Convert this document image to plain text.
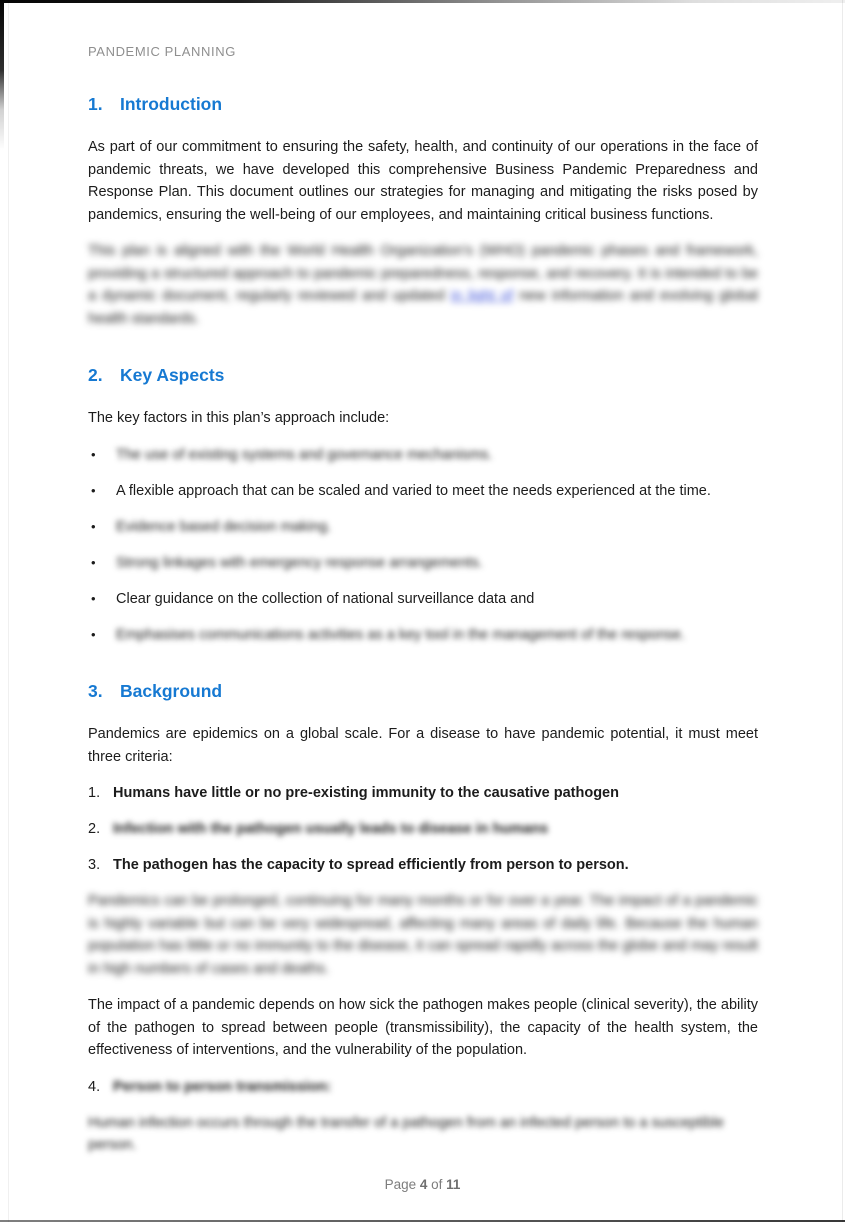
PANDEMIC PLANNING
1. Introduction

As part of our commitment to ensuring the safety, health, and continuity of our operations in the face of pandemic threats, we have developed this comprehensive Business Pandemic Preparedness and Response Plan. This document outlines our strategies for managing and mitigating the risks posed by pandemics, ensuring the well-being of our employees, and maintaining critical business functions.

This plan is aligned with the World Health Organization’s (WHO) pandemic phases and framework, providing a structured approach to pandemic preparedness, response, and recovery. It is intended to be a dynamic document, regularly reviewed and updated in light of new information and evolving global health standards.

2. Key Aspects

The key factors in this plan’s approach include:

•	The use of existing systems and governance mechanisms.
•	A flexible approach that can be scaled and varied to meet the needs experienced at the time.
•	Evidence based decision making.
•	Strong linkages with emergency response arrangements.
•	Clear guidance on the collection of national surveillance data and
•	Emphasises communications activities as a key tool in the management of the response.
3. Background

Pandemics are epidemics on a global scale. For a disease to have pandemic potential, it must meet three criteria:

1. Humans have little or no pre-existing immunity to the causative pathogen
2. Infection with the pathogen usually leads to disease in humans
3. The pathogen has the capacity to spread efficiently from person to person.

Pandemics can be prolonged, continuing for many months or for over a year. The impact of a pandemic is highly variable but can be very widespread, affecting many areas of daily life. Because the human population has little or no immunity to the disease, it can spread rapidly across the globe and may result in high numbers of cases and deaths.

The impact of a pandemic depends on how sick the pathogen makes people (clinical severity), the ability of the pathogen to spread between people (transmissibility), the capacity of the health system, the effectiveness of interventions, and the vulnerability of the population.

4. Person to person transmission:

Human infection occurs through the transfer of a pathogen from an infected person to a susceptible person.

Page 4 of 11
